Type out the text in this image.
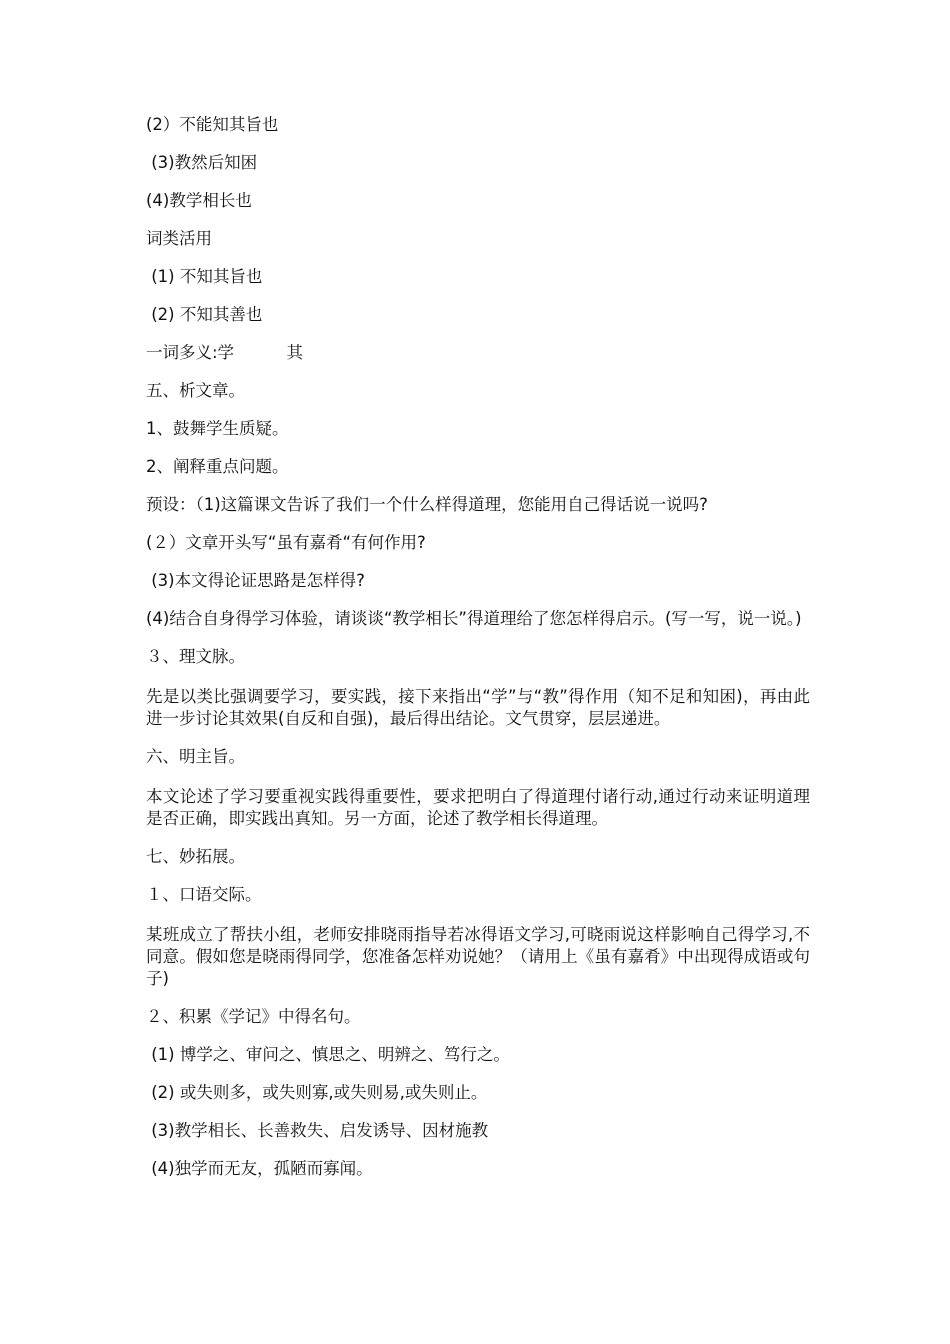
(2）不能知其旨也

(3)教然后知困

(4)教学相长也

词类活用

(1) 不知其旨也

(2) 不知其善也

一词多义:学          其

五、析文章。

1、鼓舞学生质疑。

2、阐释重点问题。

预设：（1)这篇课文告诉了我们一个什么样得道理，您能用自己得话说一说吗?

(２）文章开头写“虽有嘉肴“有何作用?

(3)本文得论证思路是怎样得?

(4)结合自身得学习体验，请谈谈“教学相长”得道理给了您怎样得启示。(写一写，说一说。)

３、理文脉。

先是以类比强调要学习，要实践，接下来指出“学”与“教”得作用（知不足和知困)，再由此进一步讨论其效果(自反和自强)，最后得出结论。文气贯穿，层层递进。

六、明主旨。

本文论述了学习要重视实践得重要性，要求把明白了得道理付诸行动,通过行动来证明道理是否正确，即实践出真知。另一方面，论述了教学相长得道理。

七、妙拓展。

１、口语交际。

某班成立了帮扶小组，老师安排晓雨指导若冰得语文学习,可晓雨说这样影响自己得学习,不同意。假如您是晓雨得同学，您准备怎样劝说她？（请用上《虽有嘉肴》中出现得成语或句子)

２、积累《学记》中得名句。

(1) 博学之、审问之、慎思之、明辨之、笃行之。

(2) 或失则多，或失则寡,或失则易,或失则止。

(3)教学相长、长善救失、启发诱导、因材施教

(4)独学而无友，孤陋而寡闻。
